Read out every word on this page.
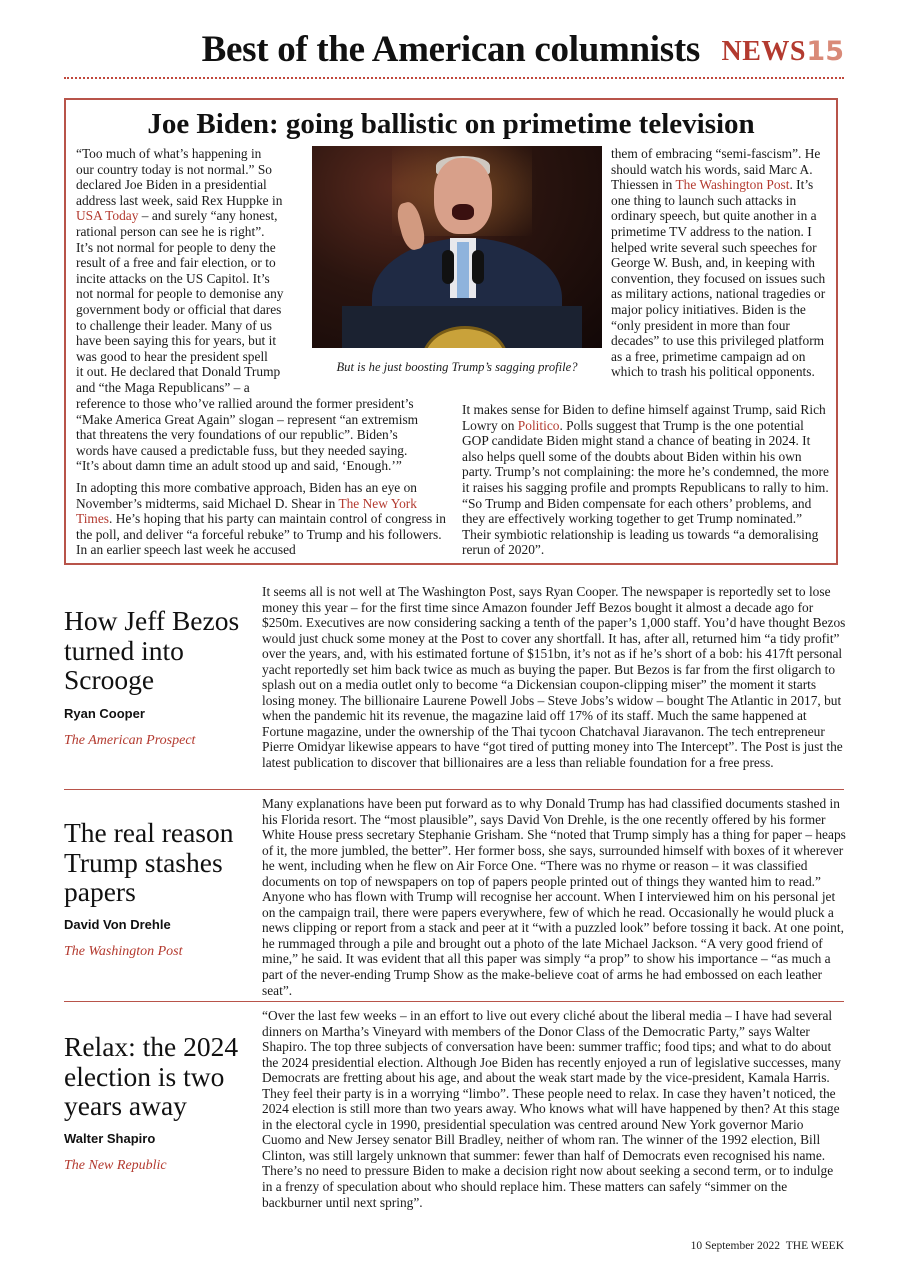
Best of the American columnists NEWS 15
Joe Biden: going ballistic on primetime television
“Too much of what’s happening in
our country today is not normal.” So
declared Joe Biden in a presidential
address last week, said Rex Huppke in
USA Today – and surely “any honest,
rational person can see he is right”.
It’s not normal for people to deny the
result of a free and fair election, or to
incite attacks on the US Capitol. It’s
not normal for people to demonise any
government body or official that dares
to challenge their leader. Many of us
have been saying this for years, but it
was good to hear the president spell
it out. He declared that Donald Trump
and “the Maga Republicans” – a
But is he just boosting Trump’s sagging profile?
reference to those who’ve rallied around the former president’s
“Make America Great Again” slogan – represent “an extremism
that threatens the very foundations of our republic”. Biden’s
words have caused a predictable fuss, but they needed saying.
“It’s about damn time an adult stood up and said, ‘Enough.’”
In adopting this more combative approach, Biden has an eye on November’s midterms, said Michael D. Shear in The New York Times. He’s hoping that his party can maintain control of congress in the poll, and deliver “a forceful rebuke” to Trump and his followers. In an earlier speech last week he accused
them of embracing “semi-fascism”. He should watch his words, said Marc A. Thiessen in The Washington Post. It’s one thing to launch such attacks in ordinary speech, but quite another in a primetime TV address to the nation. I helped write several such speeches for George W. Bush, and, in keeping with convention, they focused on issues such as military actions, national tragedies or major policy initiatives. Biden is the “only president in more than four decades” to use this privileged platform as a free, primetime campaign ad on which to trash his political opponents.
It makes sense for Biden to define himself against Trump, said Rich Lowry on Politico. Polls suggest that Trump is the one potential GOP candidate Biden might stand a chance of beating in 2024. It also helps quell some of the doubts about Biden within his own party. Trump’s not complaining: the more he’s condemned, the more it raises his sagging profile and prompts Republicans to rally to him. “So Trump and Biden compensate for each others’ problems, and they are effectively working together to get Trump nominated.” Their symbiotic relationship is leading us towards “a demoralising rerun of 2020”.
How Jeff Bezos turned into Scrooge
Ryan Cooper
The American Prospect
It seems all is not well at The Washington Post, says Ryan Cooper. The newspaper is reportedly set to lose money this year – for the first time since Amazon founder Jeff Bezos bought it almost a decade ago for $250m. Executives are now considering sacking a tenth of the paper’s 1,000 staff. You’d have thought Bezos would just chuck some money at the Post to cover any shortfall. It has, after all, returned him “a tidy profit” over the years, and, with his estimated fortune of $151bn, it’s not as if he’s short of a bob: his 417ft personal yacht reportedly set him back twice as much as buying the paper. But Bezos is far from the first oligarch to splash out on a media outlet only to become “a Dickensian coupon-clipping miser” the moment it starts losing money. The billionaire Laurene Powell Jobs – Steve Jobs’s widow – bought The Atlantic in 2017, but when the pandemic hit its revenue, the magazine laid off 17% of its staff. Much the same happened at Fortune magazine, under the ownership of the Thai tycoon Chatchaval Jiaravanon. The tech entrepreneur Pierre Omidyar likewise appears to have “got tired of putting money into The Intercept”. The Post is just the latest publication to discover that billionaires are a less than reliable foundation for a free press.
The real reason Trump stashes papers
David Von Drehle
The Washington Post
Many explanations have been put forward as to why Donald Trump has had classified documents stashed in his Florida resort. The “most plausible”, says David Von Drehle, is the one recently offered by his former White House press secretary Stephanie Grisham. She “noted that Trump simply has a thing for paper – heaps of it, the more jumbled, the better”. Her former boss, she says, surrounded himself with boxes of it wherever he went, including when he flew on Air Force One. “There was no rhyme or reason – it was classified documents on top of newspapers on top of papers people printed out of things they wanted him to read.” Anyone who has flown with Trump will recognise her account. When I interviewed him on his personal jet on the campaign trail, there were papers everywhere, few of which he read. Occasionally he would pluck a news clipping or report from a stack and peer at it “with a puzzled look” before tossing it back. At one point, he rummaged through a pile and brought out a photo of the late Michael Jackson. “A very good friend of mine,” he said. It was evident that all this paper was simply “a prop” to show his importance – “as much a part of the never-ending Trump Show as the make-believe coat of arms he had embossed on each leather seat”.
Relax: the 2024 election is two years away
Walter Shapiro
The New Republic
“Over the last few weeks – in an effort to live out every cliché about the liberal media – I have had several dinners on Martha’s Vineyard with members of the Donor Class of the Democratic Party,” says Walter Shapiro. The top three subjects of conversation have been: summer traffic; food tips; and what to do about the 2024 presidential election. Although Joe Biden has recently enjoyed a run of legislative successes, many Democrats are fretting about his age, and about the weak start made by the vice-president, Kamala Harris. They feel their party is in a worrying “limbo”. These people need to relax. In case they haven’t noticed, the 2024 election is still more than two years away. Who knows what will have happened by then? At this stage in the electoral cycle in 1990, presidential speculation was centred around New York governor Mario Cuomo and New Jersey senator Bill Bradley, neither of whom ran. The winner of the 1992 election, Bill Clinton, was still largely unknown that summer: fewer than half of Democrats even recognised his name. There’s no need to pressure Biden to make a decision right now about seeking a second term, or to indulge in a frenzy of speculation about who should replace him. These matters can safely “simmer on the backburner until next spring”.
10 September 2022 THE WEEK
